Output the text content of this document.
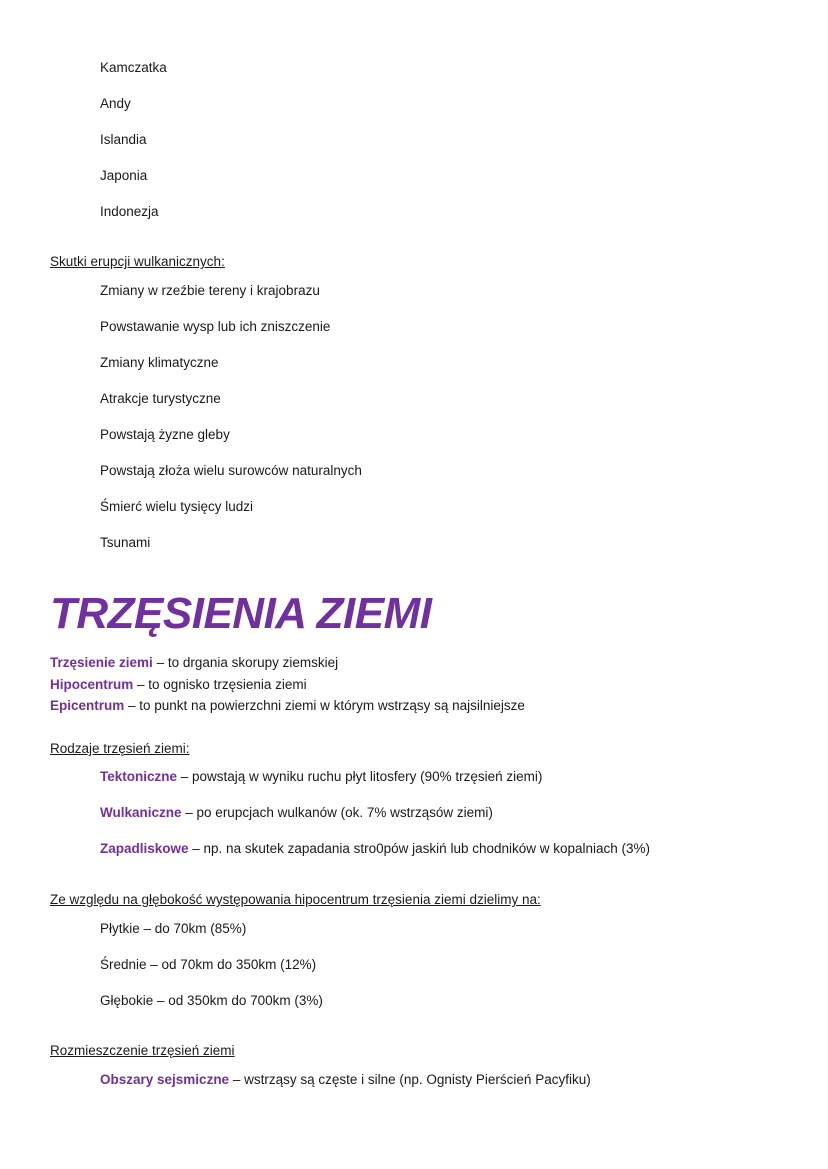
Kamczatka
Andy
Islandia
Japonia
Indonezja
Skutki erupcji wulkanicznych:
Zmiany w rzeźbie tereny i krajobrazu
Powstawanie wysp lub ich zniszczenie
Zmiany klimatyczne
Atrakcje turystyczne
Powstają żyzne gleby
Powstają złoża wielu surowców naturalnych
Śmierć wielu tysięcy ludzi
Tsunami
TRZĘSIENIA ZIEMI
Trzęsienie ziemi – to drgania skorupy ziemskiej
Hipocentrum – to ognisko trzęsienia ziemi
Epicentrum – to punkt na powierzchni ziemi w którym wstrząsy są najsilniejsze
Rodzaje trzęsień ziemi:
Tektoniczne – powstają w wyniku ruchu płyt litosfery (90% trzęsień ziemi)
Wulkaniczne – po erupcjach wulkanów (ok. 7% wstrząsów ziemi)
Zapadliskowe – np. na skutek zapadania stro0pów jaskiń lub chodników w kopalniach (3%)
Ze względu na głębokość występowania hipocentrum trzęsienia ziemi dzielimy na:
Płytkie – do 70km (85%)
Średnie – od 70km do 350km (12%)
Głębokie – od 350km do 700km (3%)
Rozmieszczenie trzęsień ziemi
Obszary sejsmiczne – wstrząsy są częste i silne (np. Ognisty Pierścień Pacyfiku)
